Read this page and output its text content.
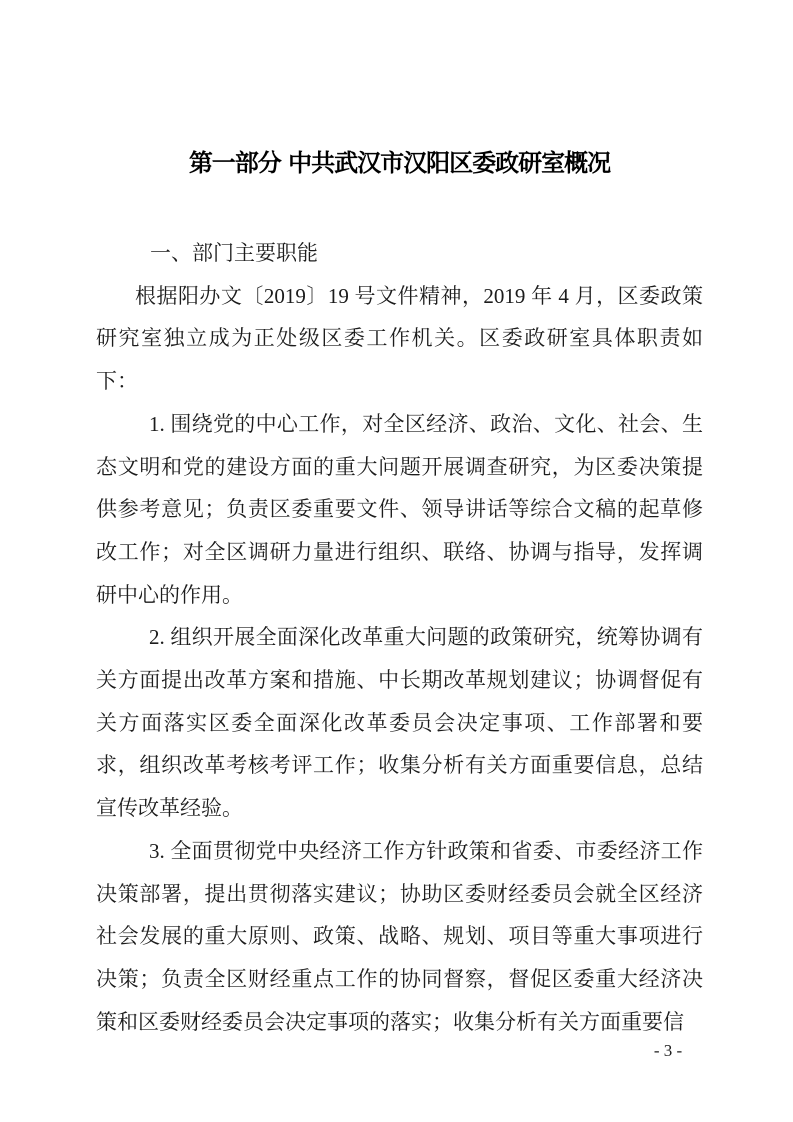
第一部分 中共武汉市汉阳区委政研室概况
一、部门主要职能

根据阳办文〔2019〕19 号文件精神，2019 年 4 月，区委政策研究室独立成为正处级区委工作机关。区委政研室具体职责如下：

1. 围绕党的中心工作，对全区经济、政治、文化、社会、生态文明和党的建设方面的重大问题开展调查研究，为区委决策提供参考意见；负责区委重要文件、领导讲话等综合文稿的起草修改工作；对全区调研力量进行组织、联络、协调与指导，发挥调研中心的作用。

2. 组织开展全面深化改革重大问题的政策研究，统筹协调有关方面提出改革方案和措施、中长期改革规划建议；协调督促有关方面落实区委全面深化改革委员会决定事项、工作部署和要求，组织改革考核考评工作；收集分析有关方面重要信息，总结宣传改革经验。

3. 全面贯彻党中央经济工作方针政策和省委、市委经济工作决策部署，提出贯彻落实建议；协助区委财经委员会就全区经济社会发展的重大原则、政策、战略、规划、项目等重大事项进行决策；负责全区财经重点工作的协同督察，督促区委重大经济决策和区委财经委员会决定事项的落实；收集分析有关方面重要信

- 3 -
